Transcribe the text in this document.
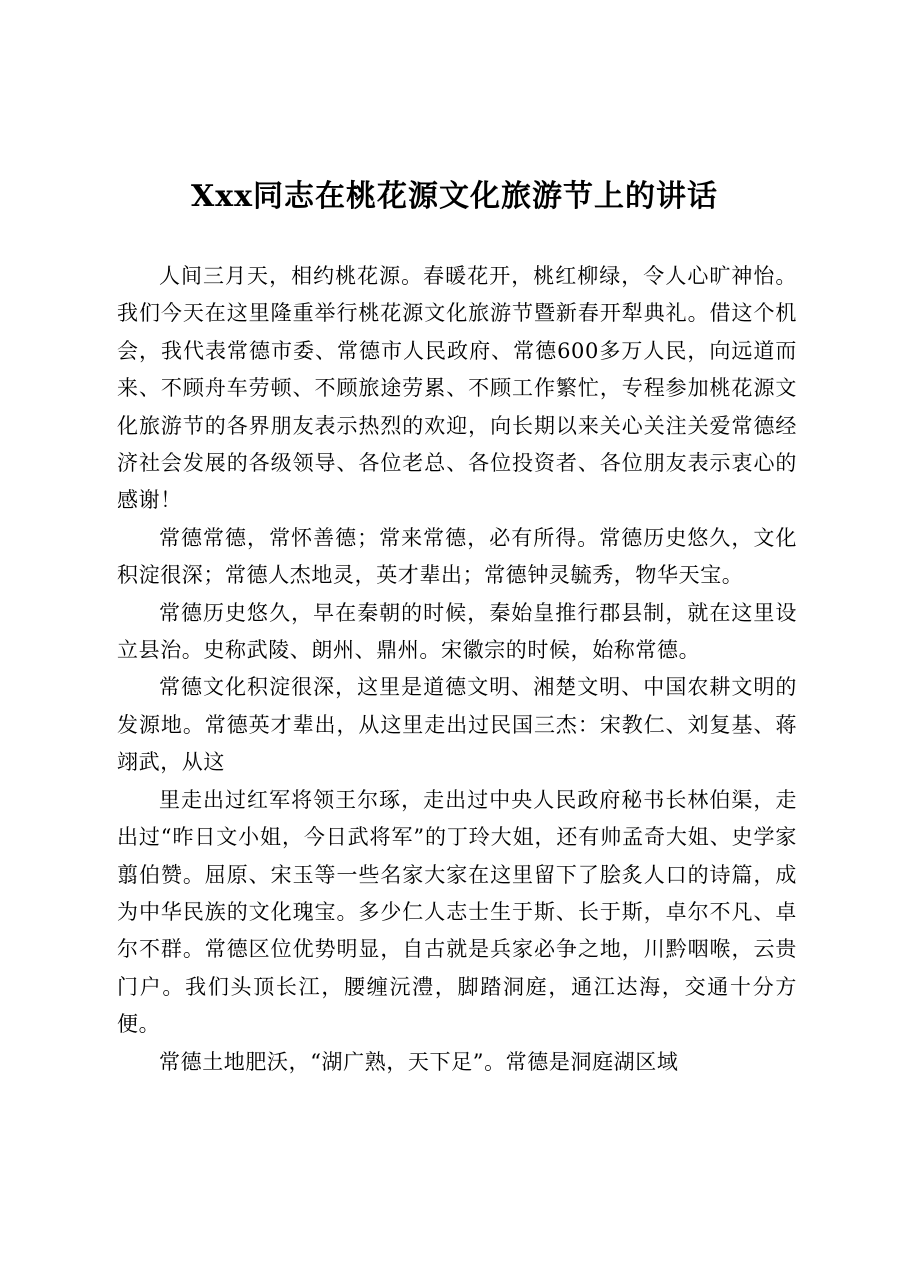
Xxx同志在桃花源文化旅游节上的讲话

人间三月天，相约桃花源。春暖花开，桃红柳绿，令人心旷神怡。我们今天在这里隆重举行桃花源文化旅游节暨新春开犁典礼。借这个机会，我代表常德市委、常德市人民政府、常德600多万人民，向远道而来、不顾舟车劳顿、不顾旅途劳累、不顾工作繁忙，专程参加桃花源文化旅游节的各界朋友表示热烈的欢迎，向长期以来关心关注关爱常德经济社会发展的各级领导、各位老总、各位投资者、各位朋友表示衷心的感谢！

常德常德，常怀善德；常来常德，必有所得。常德历史悠久，文化积淀很深；常德人杰地灵，英才辈出；常德钟灵毓秀，物华天宝。

常德历史悠久，早在秦朝的时候，秦始皇推行郡县制，就在这里设立县治。史称武陵、朗州、鼎州。宋徽宗的时候，始称常德。

常德文化积淀很深，这里是道德文明、湘楚文明、中国农耕文明的发源地。常德英才辈出，从这里走出过民国三杰：宋教仁、刘复基、蒋翊武，从这

里走出过红军将领王尔琢，走出过中央人民政府秘书长林伯渠，走出过“昨日文小姐，今日武将军”的丁玲大姐，还有帅孟奇大姐、史学家翦伯赞。屈原、宋玉等一些名家大家在这里留下了脍炙人口的诗篇，成为中华民族的文化瑰宝。多少仁人志士生于斯、长于斯，卓尔不凡、卓尔不群。常德区位优势明显，自古就是兵家必争之地，川黔咽喉，云贵门户。我们头顶长江，腰缠沅澧，脚踏洞庭，通江达海，交通十分方便。

常德土地肥沃，“湖广熟，天下足”。常德是洞庭湖区域
